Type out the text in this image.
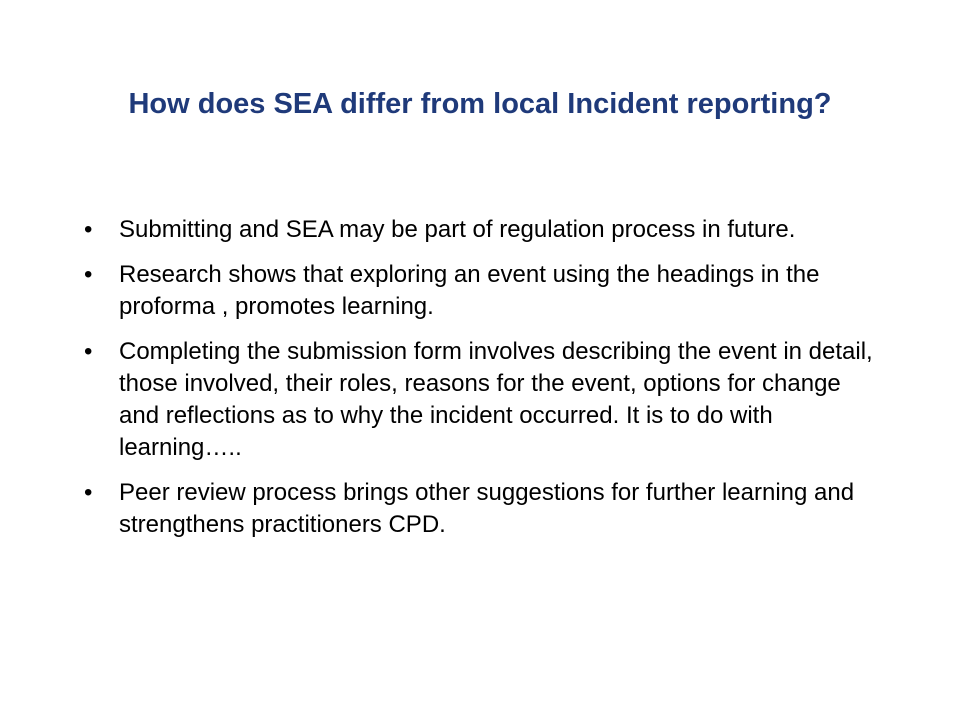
How does SEA differ from local Incident reporting?
• Submitting and SEA may be part of regulation process in future.
• Research shows that exploring an event using the headings in the proforma , promotes learning.
• Completing the submission form involves describing the event in detail, those involved, their roles, reasons for the event, options for change and reflections as to why the incident occurred. It is to do with learning…..
• Peer review process brings other suggestions for further learning and strengthens practitioners CPD.
